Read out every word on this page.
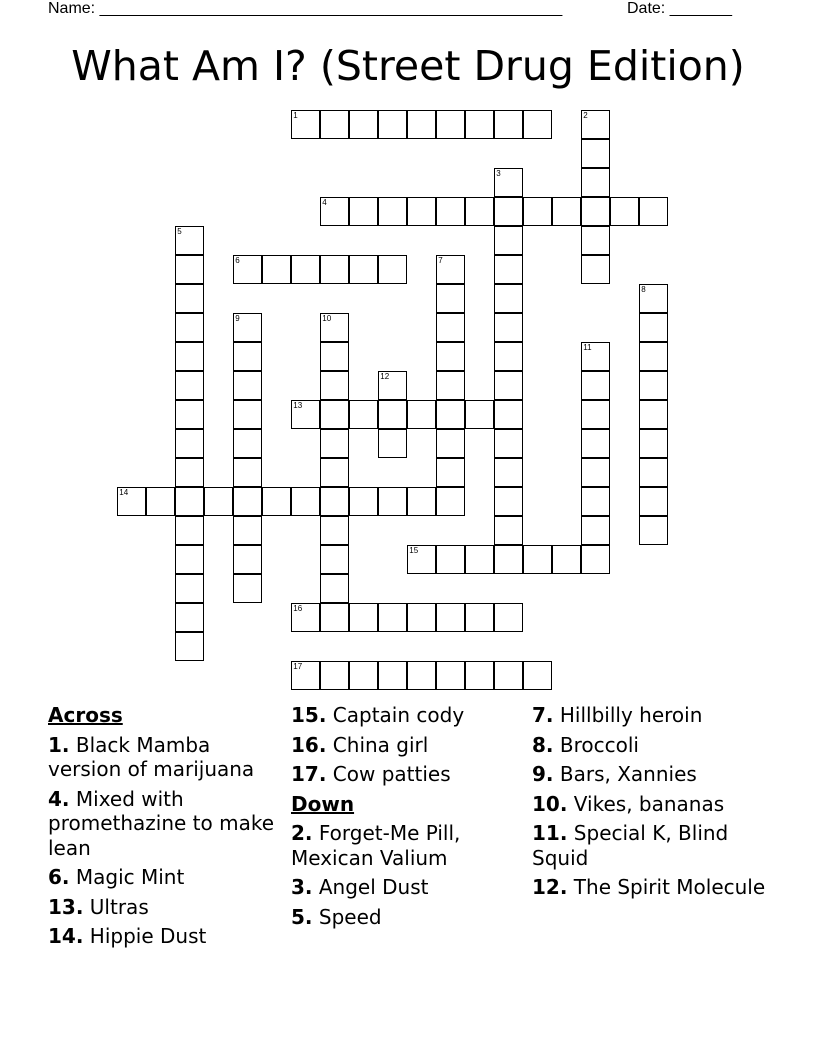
Name: ____________________________________________________	Date: _______
What Am I? (Street Drug Edition)
1	2
3
4
5
6	7
8
9	10
11
12
13
14
15
16
17
Across
1. Black Mamba version of marijuana
4. Mixed with promethazine to make lean
6. Magic Mint
13. Ultras
14. Hippie Dust
15. Captain cody
16. China girl
17. Cow patties
Down
2. Forget-Me Pill, Mexican Valium
3. Angel Dust
5. Speed
7. Hillbilly heroin
8. Broccoli
9. Bars, Xannies
10. Vikes, bananas
11. Special K, Blind Squid
12. The Spirit Molecule
